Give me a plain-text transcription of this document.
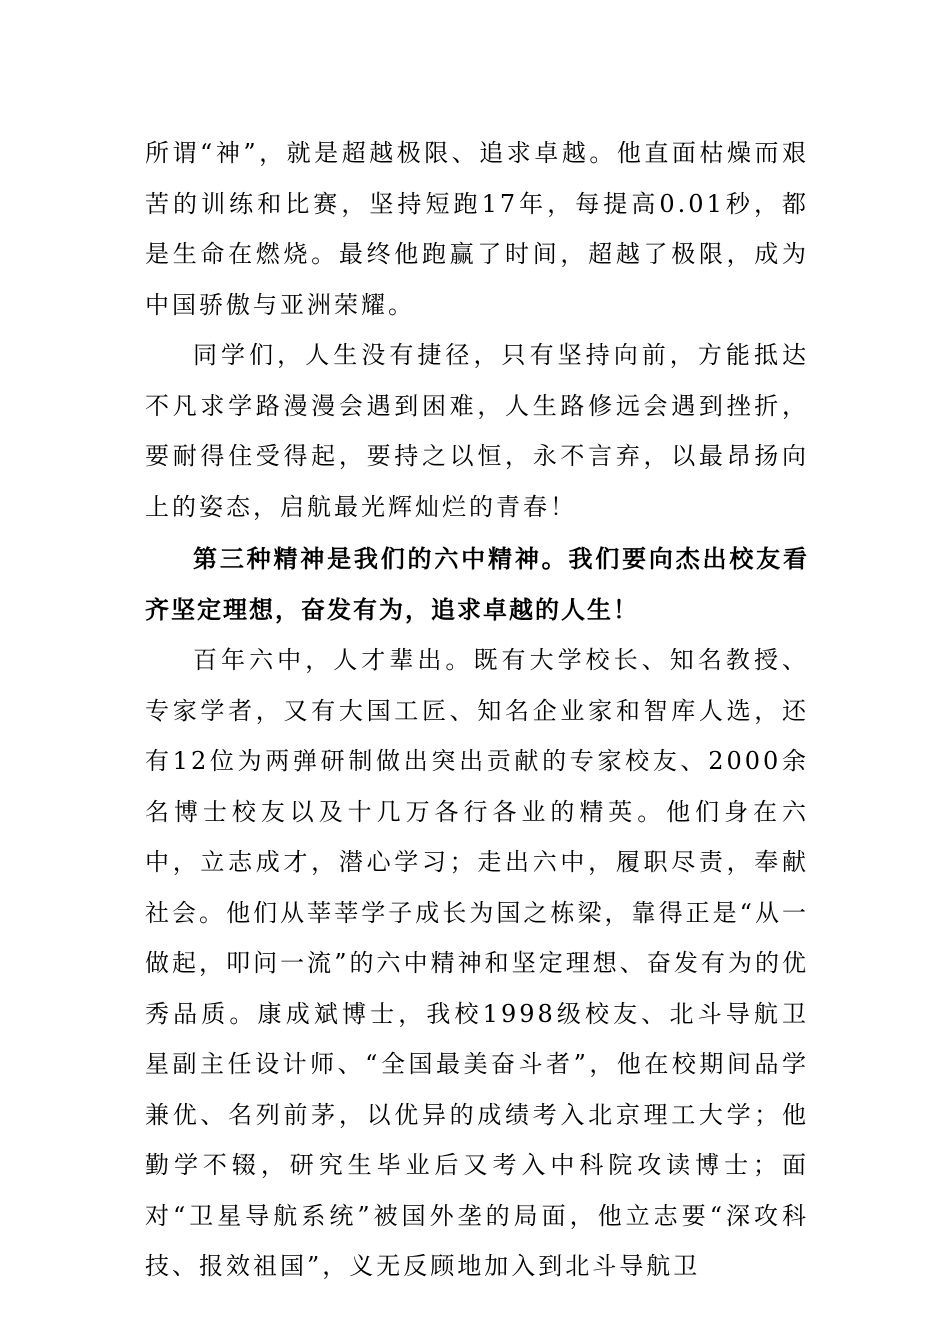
所谓“神”，就是超越极限、追求卓越。他直面枯燥而艰苦的训练和比赛，坚持短跑17年，每提高0.01秒，都是生命在燃烧。最终他跑赢了时间，超越了极限，成为中国骄傲与亚洲荣耀。

同学们，人生没有捷径，只有坚持向前，方能抵达不凡求学路漫漫会遇到困难，人生路修远会遇到挫折，要耐得住受得起，要持之以恒，永不言弃，以最昂扬向上的姿态，启航最光辉灿烂的青春！

第三种精神是我们的六中精神。我们要向杰出校友看齐坚定理想，奋发有为，追求卓越的人生！

百年六中，人才辈出。既有大学校长、知名教授、专家学者，又有大国工匠、知名企业家和智库人选，还有12位为两弹研制做出突出贡献的专家校友、2000余名博士校友以及十几万各行各业的精英。他们身在六中，立志成才，潜心学习；走出六中，履职尽责，奉献社会。他们从莘莘学子成长为国之栋梁，靠得正是“从一做起，叩问一流”的六中精神和坚定理想、奋发有为的优秀品质。康成斌博士，我校1998级校友、北斗导航卫星副主任设计师、“全国最美奋斗者”，他在校期间品学兼优、名列前茅，以优异的成绩考入北京理工大学；他勤学不辍，研究生毕业后又考入中科院攻读博士；面对“卫星导航系统”被国外垄的局面，他立志要“深攻科技、报效祖国”，义无反顾地加入到北斗导航卫
